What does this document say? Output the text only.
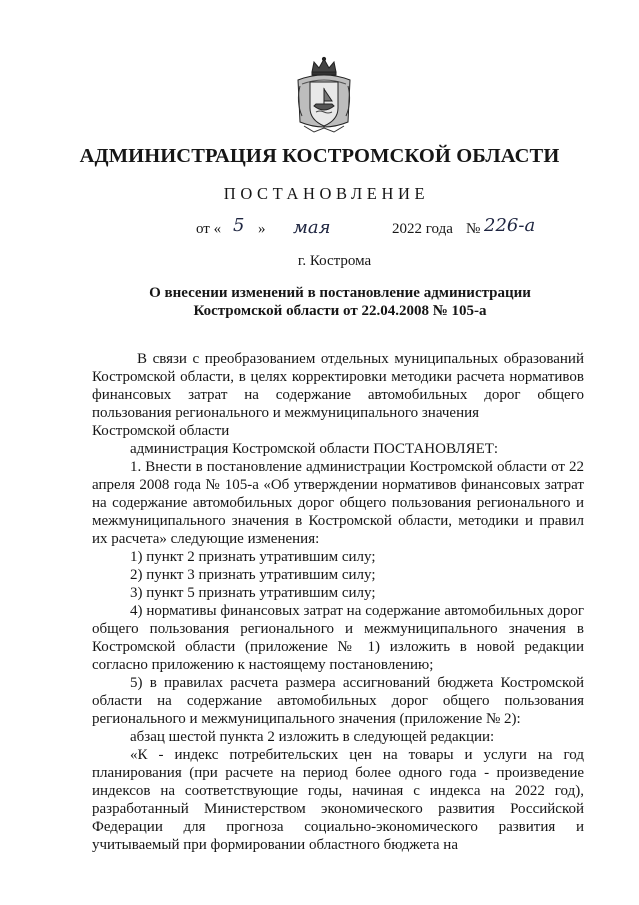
АДМИНИСТРАЦИЯ КОСТРОМСКОЙ ОБЛАСТИ
ПОСТАНОВЛЕНИЕ
от « 5 » мая	2022 года № 226-а
г. Кострома
О внесении изменений в постановление администрации
Костромской области от 22.04.2008 № 105-а

В связи с преобразованием отдельных муниципальных образований Костромской области, в целях корректировки методики расчета нормативов финансовых затрат на содержание автомобильных дорог общего пользования регионального и межмуниципального значения

Костромской области

администрация Костромской области ПОСТАНОВЛЯЕТ:

1. Внести в постановление администрации Костромской области от 22 апреля 2008 года № 105-а «Об утверждении нормативов финансовых затрат на содержание автомобильных дорог общего пользования регионального и межмуниципального значения в Костромской области, методики и правил их расчета» следующие изменения:

1) пункт 2 признать утратившим силу;

2) пункт 3 признать утратившим силу;

3) пункт 5 признать утратившим силу;

4) нормативы финансовых затрат на содержание автомобильных дорог общего пользования регионального и межмуниципального значения в Костромской области (приложение № 1) изложить в новой редакции согласно приложению к настоящему постановлению;

5) в правилах расчета размера ассигнований бюджета Костромской области на содержание автомобильных дорог общего пользования регионального и межмуниципального значения (приложение № 2):

абзац шестой пункта 2 изложить в следующей редакции:

«К - индекс потребительских цен на товары и услуги на год планирования (при расчете на период более одного года - произведение индексов на соответствующие годы, начиная с индекса на 2022 год), разработанный Министерством экономического развития Российской Федерации для прогноза социально-экономического развития и учитываемый при формировании областного бюджета на
